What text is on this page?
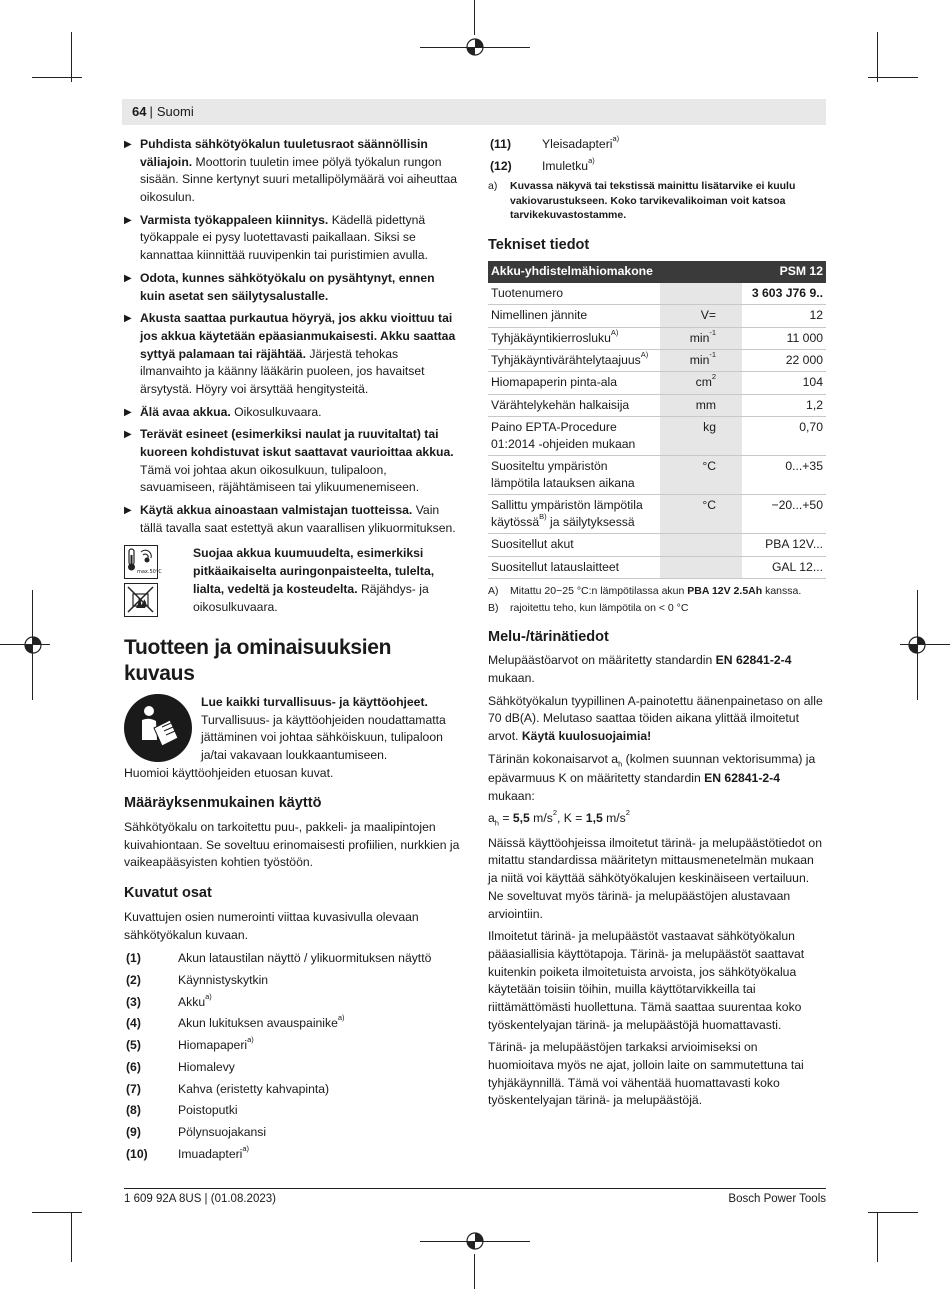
64 | Suomi
▶ Puhdista sähkötyökalun tuuletusraot säännöllisin väliajoin. Moottorin tuuletin imee pölyä työkalun rungon sisään. Sinne kertynyt suuri metallipölymäärä voi aiheuttaa oikosulun.
▶ Varmista työkappaleen kiinnitys. Kädellä pidettynä työkappale ei pysy luotettavasti paikallaan. Siksi se kannattaa kiinnittää ruuvipenkin tai puristimien avulla.
▶ Odota, kunnes sähkötyökalu on pysähtynyt, ennen kuin asetat sen säilytysalustalle.
▶ Akusta saattaa purkautua höyryä, jos akku vioittuu tai jos akkua käytetään epäasianmukaisesti. Akku saattaa syttyä palamaan tai räjähtää. Järjestä tehokas ilmanvaihto ja käänny lääkärin puoleen, jos havaitset ärsytystä. Höyry voi ärsyttää hengitysteitä.
▶ Älä avaa akkua. Oikosulkuvaara.
▶ Terävät esineet (esimerkiksi naulat ja ruuvitaltat) tai kuoreen kohdistuvat iskut saattavat vaurioittaa akkua. Tämä voi johtaa akun oikosulkuun, tulipaloon, savuamiseen, räjähtämiseen tai ylikuumenemiseen.
▶ Käytä akkua ainoastaan valmistajan tuotteissa. Vain tällä tavalla saat estettyä akun vaarallisen ylikuormituksen.
max.50°C
Suojaa akkua kuumuudelta, esimerkiksi pitkäaikaiselta auringonpaisteelta, tulelta, lialta, vedeltä ja kosteudelta. Räjähdys- ja oikosulkuvaara.
Tuotteen ja ominaisuuksien kuvaus
Lue kaikki turvallisuus- ja käyttöohjeet. Turvallisuus- ja käyttöohjeiden noudattamatta jättäminen voi johtaa sähköiskuun, tulipaloon ja/tai vakavaan loukkaantumiseen.

Huomioi käyttöohjeiden etuosan kuvat.

Määräyksenmukainen käyttö

Sähkötyökalu on tarkoitettu puu-, pakkeli- ja maalipintojen kuivahiontaan. Se soveltuu erinomaisesti profiilien, nurkkien ja vaikeapääsyisten kohtien työstöön.

Kuvatut osat

Kuvattujen osien numerointi viittaa kuvasivulla olevaan sähkötyökalun kuvaan.

(1)	Akun lataustilan näyttö / ylikuormituksen näyttö
(2)	Käynnistyskytkin
(3)	Akku$^{a)}$
(4)	Akun lukituksen avauspainike$^{a)}$
(5)	Hiomapaperi$^{a)}$
(6)	Hiomalevy
(7)	Kahva (eristetty kahvapinta)
(8)	Poistoputki
(9)	Pölynsuojakansi
(10)	Imuadapteri$^{a)}$
(11)	Yleisadapteri$^{a)}$
(12)	Imuletku$^{a)}$
a)	Kuvassa näkyvä tai tekstissä mainittu lisätarvike ei kuulu vakiovarustukseen. Koko tarvikevalikoiman voit katsoa tarvikekuvastostamme.
Tekniset tiedot
Akku-yhdistelmähiomakone		PSM 12
Tuotenumero		3 603 J76 9..
Nimellinen jännite	V=	12
Tyhjäkäyntikierrosluku$^{A)}$	$\min^{-1}$	11 000
Tyhjäkäyntivärähtelytaajuus$^{A)}$	$\min^{-1}$	22 000
Hiomapaperin pinta-ala	$cm^2$	104
Värähtelykehän halkaisija	mm	1,2
Paino EPTA-Procedure 01:2014 -ohjeiden mukaan	kg	0,70
Suositeltu ympäristön lämpötila latauksen aikana	°C	0...+35
Sallittu ympäristön lämpötila käytössä$^{B)}$ ja säilytyksessä	°C	−20...+50
Suositellut akut		PBA 12V...
Suositellut latauslaitteet		GAL 12...
A)	Mitattu 20−25 °C:n lämpötilassa akun PBA 12V 2.5Ah kanssa.
B)	rajoitettu teho, kun lämpötila on < 0 °C
Melu-/tärinätiedot

Melupäästöarvot on määritetty standardin EN 62841-2-4 mukaan.

Sähkötyökalun tyypillinen A-painotettu äänenpainetaso on alle 70 dB(A). Melutaso saattaa töiden aikana ylittää ilmoitetut arvot. Käytä kuulosuojaimia!

Tärinän kokonaisarvot $a_h$ (kolmen suunnan vektorisumma) ja epävarmuus K on määritetty standardin EN 62841-2-4 mukaan:

$a_h = 5,5$ $m/s^2$, K = 1,5 $m/s^2$

Näissä käyttöohjeissa ilmoitetut tärinä- ja melupäästötiedot on mitattu standardissa määritetyn mittausmenetelmän mukaan ja niitä voi käyttää sähkötyökalujen keskinäiseen vertailuun. Ne soveltuvat myös tärinä- ja melupäästöjen alustavaan arviointiin.

Ilmoitetut tärinä- ja melupäästöt vastaavat sähkötyökalun pääasiallisia käyttötapoja. Tärinä- ja melupäästöt saattavat kuitenkin poiketa ilmoitetuista arvoista, jos sähkötyökalua käytetään toisiin töihin, muilla käyttötarvikkeilla tai riittämättömästi huollettuna. Tämä saattaa suurentaa koko työskentelyajan tärinä- ja melupäästöjä huomattavasti.

Tärinä- ja melupäästöjen tarkaksi arvioimiseksi on huomioitava myös ne ajat, jolloin laite on sammutettuna tai tyhjäkäynnillä. Tämä voi vähentää huomattavasti koko työskentelyajan tärinä- ja melupäästöjä.

1 609 92A 8US | (01.08.2023)	Bosch Power Tools
